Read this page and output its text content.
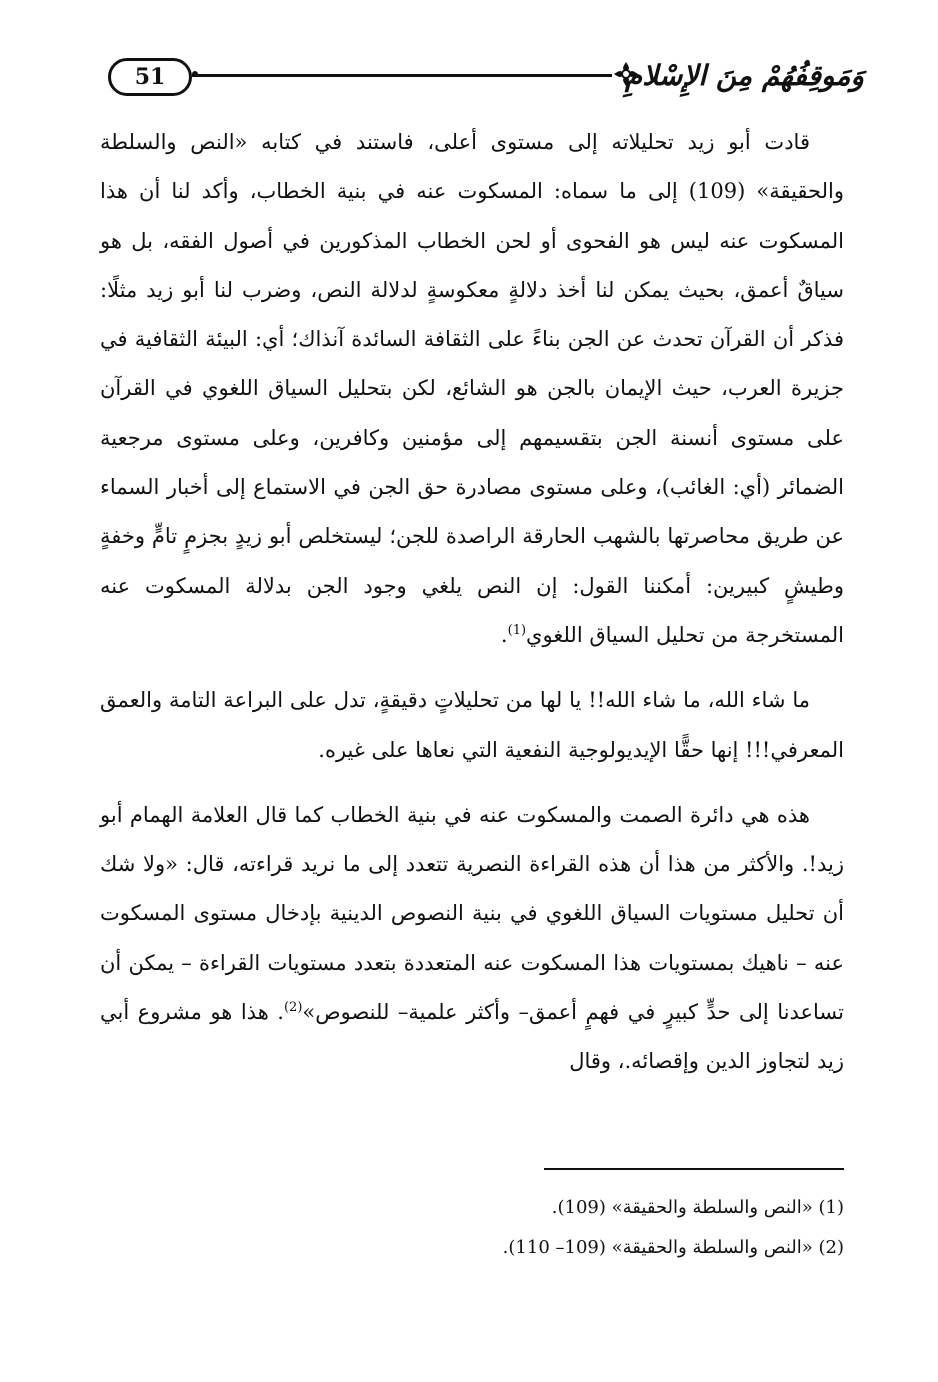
51	وَمَوقِفُهُمْ مِنَ الإِسْلامِ

قادت أبو زيد تحليلاته إلى مستوى أعلى، فاستند في كتابه «النص والسلطة والحقيقة» (109) إلى ما سماه: المسكوت عنه في بنية الخطاب، وأكد لنا أن هذا المسكوت عنه ليس هو الفحوى أو لحن الخطاب المذكورين في أصول الفقه، بل هو سياقٌ أعمق، بحيث يمكن لنا أخذ دلالةٍ معكوسةٍ لدلالة النص، وضرب لنا أبو زيد مثلًا: فذكر أن القرآن تحدث عن الجن بناءً على الثقافة السائدة آنذاك؛ أي: البيئة الثقافية في جزيرة العرب، حيث الإيمان بالجن هو الشائع، لكن بتحليل السياق اللغوي في القرآن على مستوى أنسنة الجن بتقسيمهم إلى مؤمنين وكافرين، وعلى مستوى مرجعية الضمائر (أي: الغائب)، وعلى مستوى مصادرة حق الجن في الاستماع إلى أخبار السماء عن طريق محاصرتها بالشهب الحارقة الراصدة للجن؛ ليستخلص أبو زيدٍ بجزمٍ تامٍّ وخفةٍ وطيشٍ كبيرين: أمكننا القول: إن النص يلغي وجود الجن بدلالة المسكوت عنه المستخرجة من تحليل السياق اللغوي$^{(1)}$.

ما شاء الله، ما شاء الله!! يا لها من تحليلاتٍ دقيقةٍ، تدل على البراعة التامة والعمق المعرفي!!! إنها حقًّا الإيديولوجية النفعية التي نعاها على غيره.

هذه هي دائرة الصمت والمسكوت عنه في بنية الخطاب كما قال العلامة الهمام أبو زيد!. والأكثر من هذا أن هذه القراءة النصرية تتعدد إلى ما نريد قراءته، قال: «ولا شك أن تحليل مستويات السياق اللغوي في بنية النصوص الدينية بإدخال مستوى المسكوت عنه – ناهيك بمستويات هذا المسكوت عنه المتعددة بتعدد مستويات القراءة – يمكن أن تساعدنا إلى حدٍّ كبيرٍ في فهمٍ أعمق– وأكثر علمية– للنصوص»$^{(2)}$. هذا هو مشروع أبي زيد لتجاوز الدين وإقصائه.، وقال

(1) «النص والسلطة والحقيقة» (109).

(2) «النص والسلطة والحقيقة» (109– 110).
